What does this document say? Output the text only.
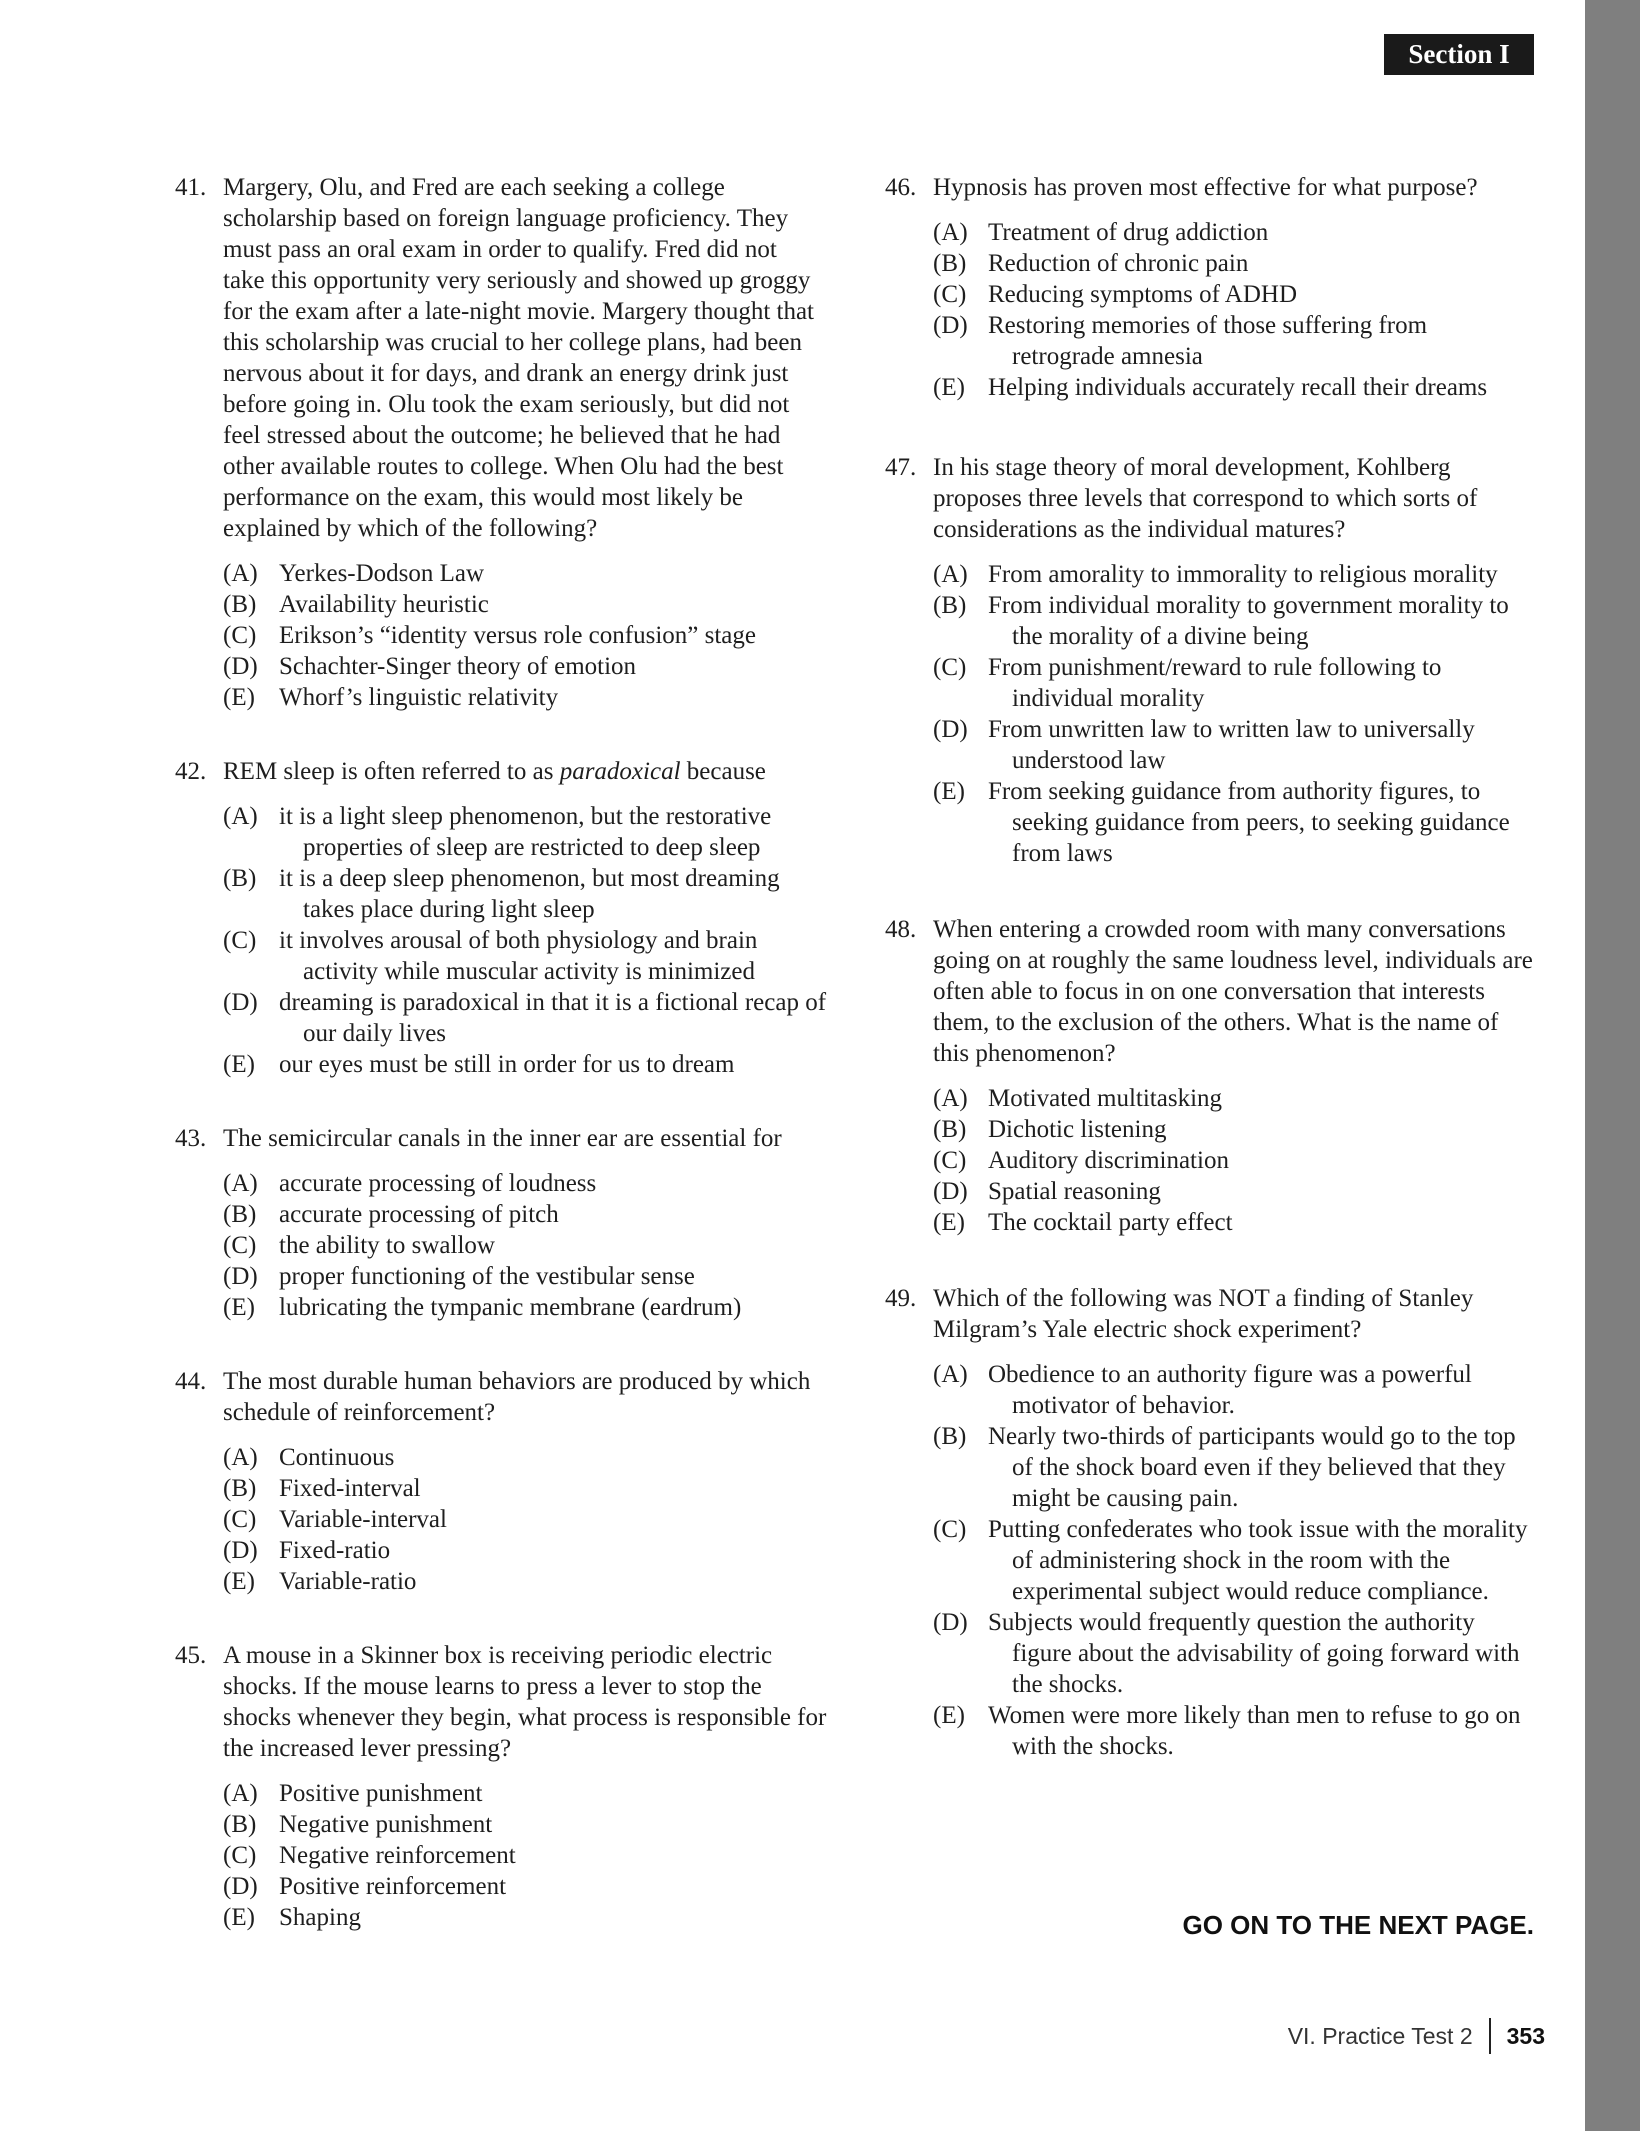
Section I
41. Margery, Olu, and Fred are each seeking a college scholarship based on foreign language proficiency. They must pass an oral exam in order to qualify. Fred did not take this opportunity very seriously and showed up groggy for the exam after a late-night movie. Margery thought that this scholarship was crucial to her college plans, had been nervous about it for days, and drank an energy drink just before going in. Olu took the exam seriously, but did not feel stressed about the outcome; he believed that he had other available routes to college. When Olu had the best performance on the exam, this would most likely be explained by which of the following?
(A) Yerkes-Dodson Law
(B) Availability heuristic
(C) Erikson’s “identity versus role confusion” stage
(D) Schachter-Singer theory of emotion
(E) Whorf’s linguistic relativity
42. REM sleep is often referred to as paradoxical because
(A) it is a light sleep phenomenon, but the restorative properties of sleep are restricted to deep sleep
(B) it is a deep sleep phenomenon, but most dreaming takes place during light sleep
(C) it involves arousal of both physiology and brain activity while muscular activity is minimized
(D) dreaming is paradoxical in that it is a fictional recap of our daily lives
(E) our eyes must be still in order for us to dream
43. The semicircular canals in the inner ear are essential for
(A) accurate processing of loudness
(B) accurate processing of pitch
(C) the ability to swallow
(D) proper functioning of the vestibular sense
(E) lubricating the tympanic membrane (eardrum)
44. The most durable human behaviors are produced by which schedule of reinforcement?
(A) Continuous
(B) Fixed-interval
(C) Variable-interval
(D) Fixed-ratio
(E) Variable-ratio
45. A mouse in a Skinner box is receiving periodic electric shocks. If the mouse learns to press a lever to stop the shocks whenever they begin, what process is responsible for the increased lever pressing?
(A) Positive punishment
(B) Negative punishment
(C) Negative reinforcement
(D) Positive reinforcement
(E) Shaping
46. Hypnosis has proven most effective for what purpose?
(A) Treatment of drug addiction
(B) Reduction of chronic pain
(C) Reducing symptoms of ADHD
(D) Restoring memories of those suffering from retrograde amnesia
(E) Helping individuals accurately recall their dreams
47. In his stage theory of moral development, Kohlberg proposes three levels that correspond to which sorts of considerations as the individual matures?
(A) From amorality to immorality to religious morality
(B) From individual morality to government morality to the morality of a divine being
(C) From punishment/reward to rule following to individual morality
(D) From unwritten law to written law to universally understood law
(E) From seeking guidance from authority figures, to seeking guidance from peers, to seeking guidance from laws
48. When entering a crowded room with many conversations going on at roughly the same loudness level, individuals are often able to focus in on one conversation that interests them, to the exclusion of the others. What is the name of this phenomenon?
(A) Motivated multitasking
(B) Dichotic listening
(C) Auditory discrimination
(D) Spatial reasoning
(E) The cocktail party effect
49. Which of the following was NOT a finding of Stanley Milgram’s Yale electric shock experiment?
(A) Obedience to an authority figure was a powerful motivator of behavior.
(B) Nearly two-thirds of participants would go to the top of the shock board even if they believed that they might be causing pain.
(C) Putting confederates who took issue with the morality of administering shock in the room with the experimental subject would reduce compliance.
(D) Subjects would frequently question the authority figure about the advisability of going forward with the shocks.
(E) Women were more likely than men to refuse to go on with the shocks.
GO ON TO THE NEXT PAGE.
VI. Practice Test 2 353
